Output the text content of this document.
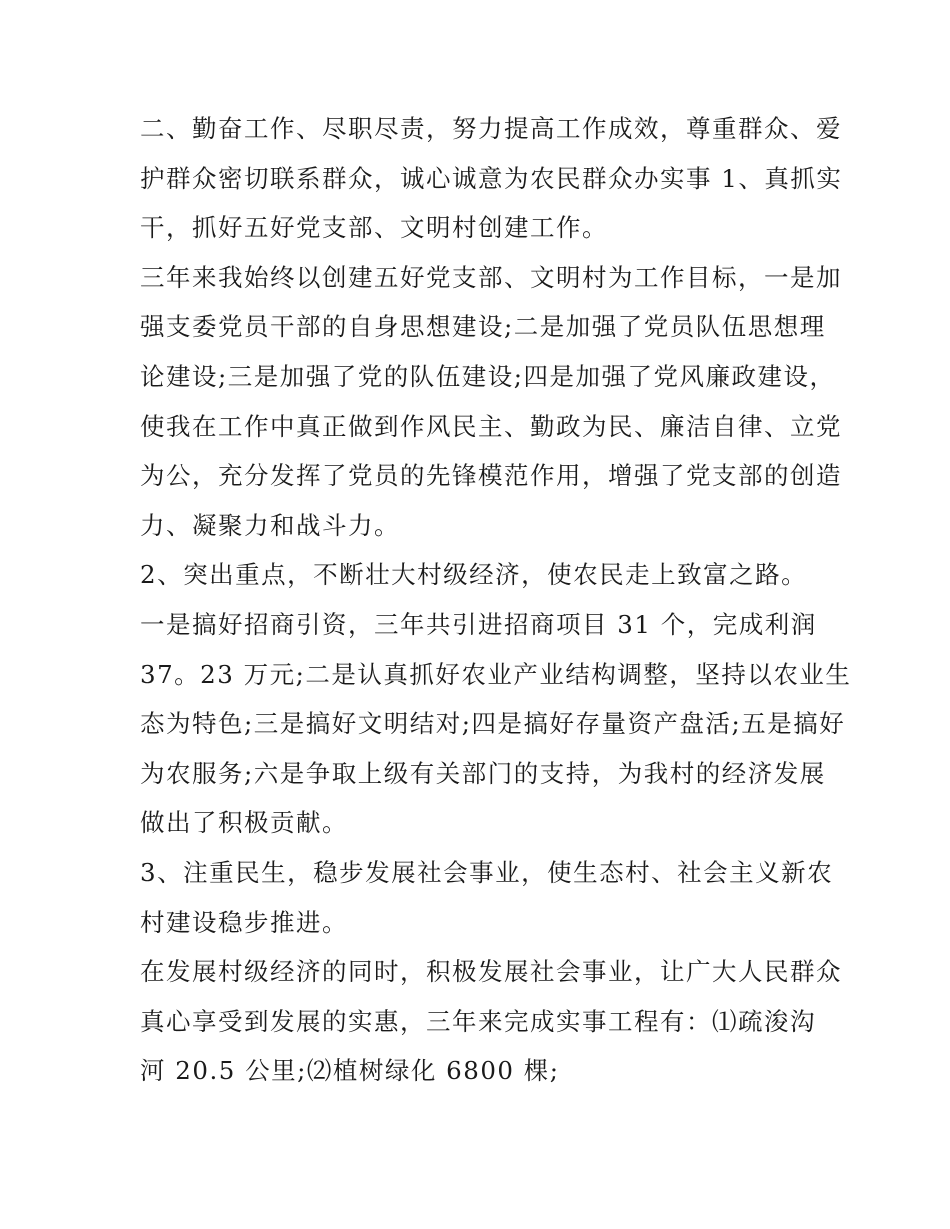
二、勤奋工作、尽职尽责，努力提高工作成效，尊重群众、爱
护群众密切联系群众，诚心诚意为农民群众办实事 1、真抓实
干，抓好五好党支部、文明村创建工作。
三年来我始终以创建五好党支部、文明村为工作目标，一是加
强支委党员干部的自身思想建设;二是加强了党员队伍思想理
论建设;三是加强了党的队伍建设;四是加强了党风廉政建设，
使我在工作中真正做到作风民主、勤政为民、廉洁自律、立党
为公，充分发挥了党员的先锋模范作用，增强了党支部的创造
力、凝聚力和战斗力。
2、突出重点，不断壮大村级经济，使农民走上致富之路。
一是搞好招商引资，三年共引进招商项目 31 个，完成利润
37。23 万元;二是认真抓好农业产业结构调整，坚持以农业生
态为特色;三是搞好文明结对;四是搞好存量资产盘活;五是搞好
为农服务;六是争取上级有关部门的支持，为我村的经济发展
做出了积极贡献。
3、注重民生，稳步发展社会事业，使生态村、社会主义新农
村建设稳步推进。
在发展村级经济的同时，积极发展社会事业，让广大人民群众
真心享受到发展的实惠，三年来完成实事工程有：⑴疏浚沟
河 20.5 公里;⑵植树绿化 6800 棵;
